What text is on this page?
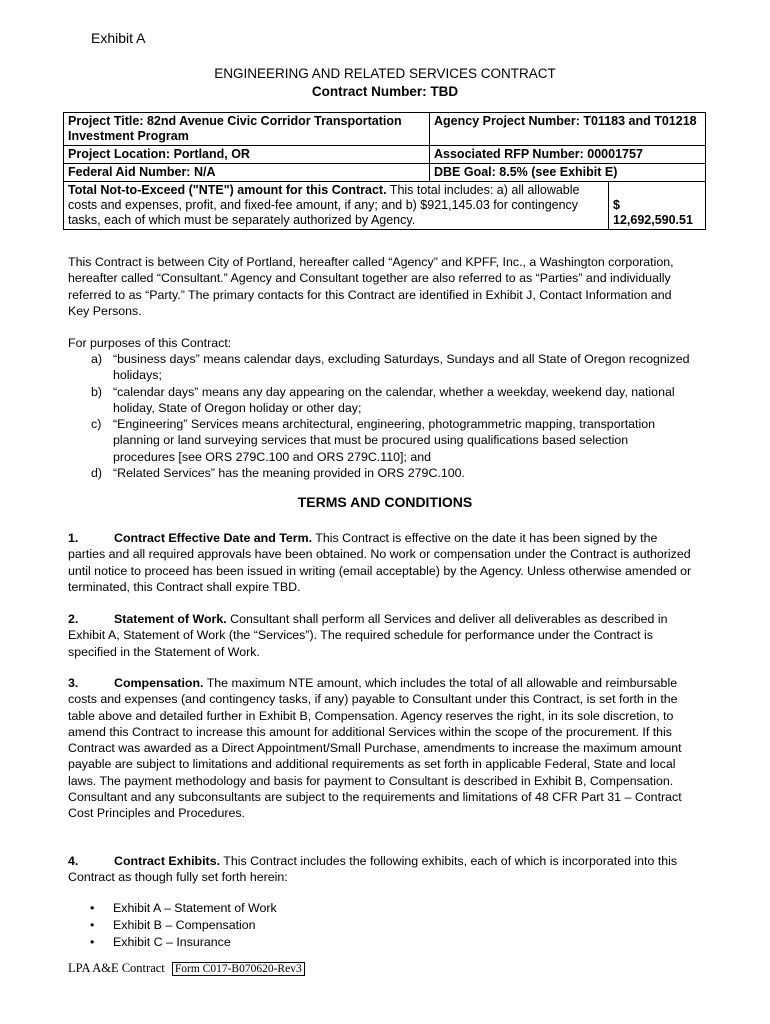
Exhibit A
ENGINEERING AND RELATED SERVICES CONTRACT
Contract Number: TBD
Project Title: 82nd Avenue Civic Corridor Transportation Investment Program	Agency Project Number: T01183 and T01218	
Project Location: Portland, OR	Associated RFP Number: 00001757	
Federal Aid Number: N/A	DBE Goal: 8.5% (see Exhibit E)	
Total Not-to-Exceed ("NTE") amount for this Contract. This total includes: a) all allowable costs and expenses, profit, and fixed-fee amount, if any; and b) $921,145.03 for contingency tasks, each of which must be separately authorized by Agency.		$
12,692,590.51

This Contract is between City of Portland, hereafter called “Agency” and KPFF, Inc., a Washington corporation, hereafter called “Consultant.” Agency and Consultant together are also referred to as “Parties” and individually referred to as “Party.” The primary contacts for this Contract are identified in Exhibit J, Contact Information and Key Persons.

For purposes of this Contract:

a) “business days” means calendar days, excluding Saturdays, Sundays and all State of Oregon recognized holidays;
b) “calendar days” means any day appearing on the calendar, whether a weekday, weekend day, national holiday, State of Oregon holiday or other day;
c) “Engineering” Services means architectural, engineering, photogrammetric mapping, transportation planning or land surveying services that must be procured using qualifications based selection procedures [see ORS 279C.100 and ORS 279C.110]; and
d) “Related Services” has the meaning provided in ORS 279C.100.
TERMS AND CONDITIONS

1.	Contract Effective Date and Term. This Contract is effective on the date it has been signed by the parties and all required approvals have been obtained. No work or compensation under the Contract is authorized until notice to proceed has been issued in writing (email acceptable) by the Agency. Unless otherwise amended or terminated, this Contract shall expire TBD.

2.	Statement of Work. Consultant shall perform all Services and deliver all deliverables as described in Exhibit A, Statement of Work (the “Services”). The required schedule for performance under the Contract is specified in the Statement of Work.

3.	Compensation. The maximum NTE amount, which includes the total of all allowable and reimbursable costs and expenses (and contingency tasks, if any) payable to Consultant under this Contract, is set forth in the table above and detailed further in Exhibit B, Compensation. Agency reserves the right, in its sole discretion, to amend this Contract to increase this amount for additional Services within the scope of the procurement. If this Contract was awarded as a Direct Appointment/Small Purchase, amendments to increase the maximum amount payable are subject to limitations and additional requirements as set forth in applicable Federal, State and local laws. The payment methodology and basis for payment to Consultant is described in Exhibit B, Compensation. Consultant and any subconsultants are subject to the requirements and limitations of 48 CFR Part 31 – Contract Cost Principles and Procedures.

4.	Contract Exhibits. This Contract includes the following exhibits, each of which is incorporated into this Contract as though fully set forth herein:

• Exhibit A – Statement of Work
• Exhibit B – Compensation
• Exhibit C – Insurance
LPA A&E Contract Form C017-B070620-Rev3
